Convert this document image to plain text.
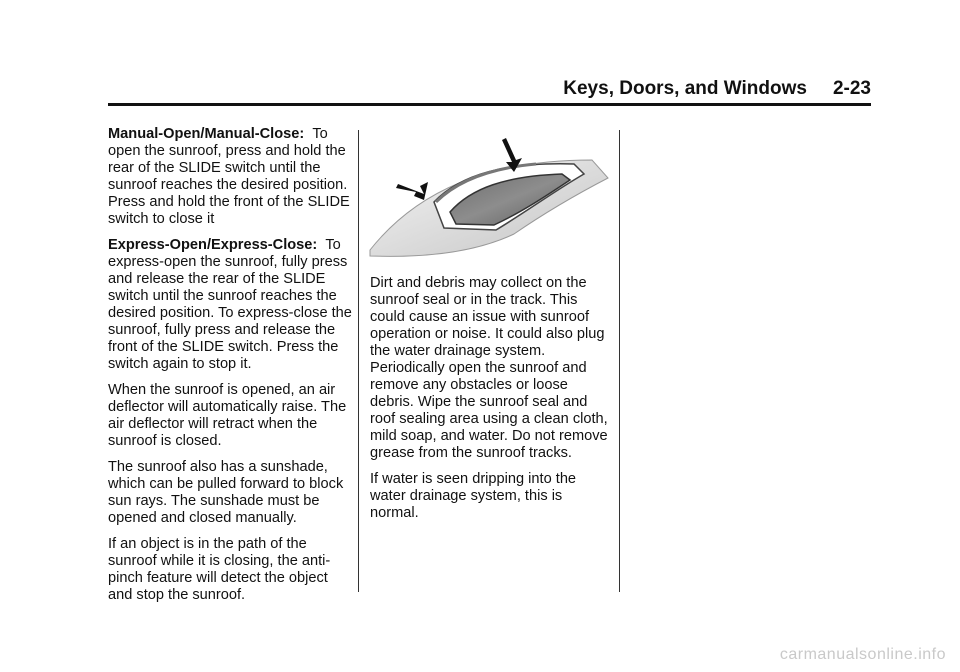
Keys, Doors, and Windows 2-23

Manual-Open/Manual-Close: To open the sunroof, press and hold the rear of the SLIDE switch until the sunroof reaches the desired position. Press and hold the front of the SLIDE switch to close it

Express-Open/Express-Close: To express-open the sunroof, fully press and release the rear of the SLIDE switch until the sunroof reaches the desired position. To express-close the sunroof, fully press and release the front of the SLIDE switch. Press the switch again to stop it.

When the sunroof is opened, an air deflector will automatically raise. The air deflector will retract when the sunroof is closed.

The sunroof also has a sunshade, which can be pulled forward to block sun rays. The sunshade must be opened and closed manually.

If an object is in the path of the sunroof while it is closing, the anti-pinch feature will detect the object and stop the sunroof.

Dirt and debris may collect on the sunroof seal or in the track. This could cause an issue with sunroof operation or noise. It could also plug the water drainage system. Periodically open the sunroof and remove any obstacles or loose debris. Wipe the sunroof seal and roof sealing area using a clean cloth, mild soap, and water. Do not remove grease from the sunroof tracks.

If water is seen dripping into the water drainage system, this is normal.

carmanualsonline.info
